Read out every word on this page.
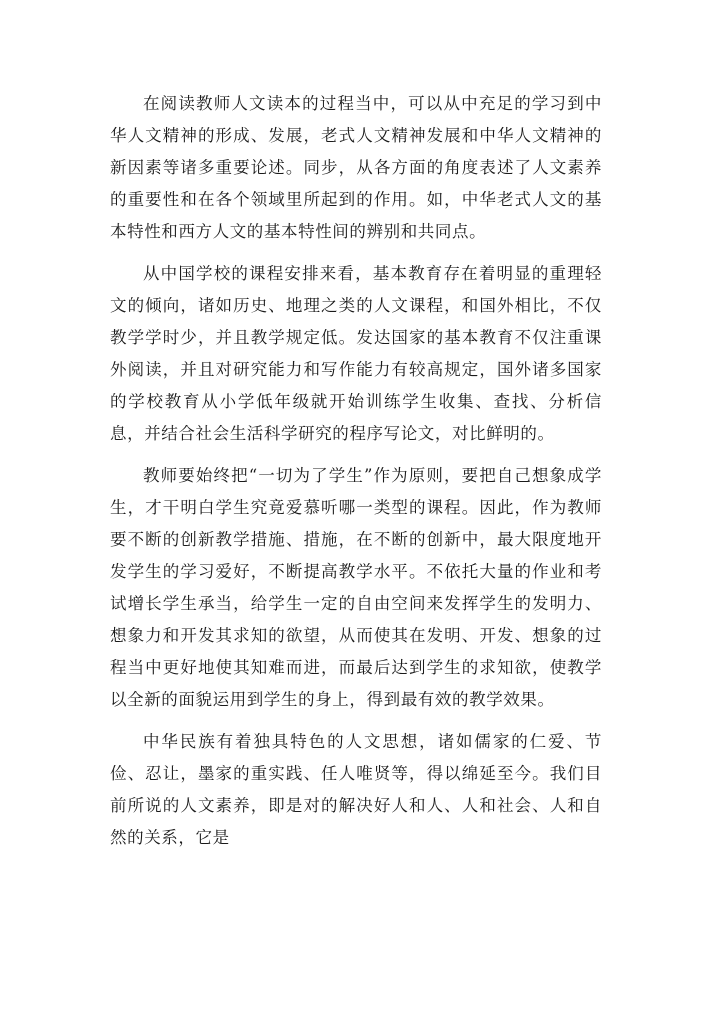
在阅读教师人文读本的过程当中，可以从中充足的学习到中华人文精神的形成、发展，老式人文精神发展和中华人文精神的新因素等诸多重要论述。同步，从各方面的角度表述了人文素养的重要性和在各个领域里所起到的作用。如，中华老式人文的基本特性和西方人文的基本特性间的辨别和共同点。

从中国学校的课程安排来看，基本教育存在着明显的重理轻文的倾向，诸如历史、地理之类的人文课程，和国外相比，不仅教学学时少，并且教学规定低。发达国家的基本教育不仅注重课外阅读，并且对研究能力和写作能力有较高规定，国外诸多国家的学校教育从小学低年级就开始训练学生收集、查找、分析信息，并结合社会生活科学研究的程序写论文，对比鲜明的。

教师要始终把“一切为了学生”作为原则，要把自己想象成学生，才干明白学生究竟爱慕听哪一类型的课程。因此，作为教师要不断的创新教学措施、措施，在不断的创新中，最大限度地开发学生的学习爱好，不断提高教学水平。不依托大量的作业和考试增长学生承当，给学生一定的自由空间来发挥学生的发明力、想象力和开发其求知的欲望，从而使其在发明、开发、想象的过程当中更好地使其知难而进，而最后达到学生的求知欲，使教学以全新的面貌运用到学生的身上，得到最有效的教学效果。

中华民族有着独具特色的人文思想，诸如儒家的仁爱、节俭、忍让，墨家的重实践、任人唯贤等，得以绵延至今。我们目前所说的人文素养，即是对的解决好人和人、人和社会、人和自然的关系，它是
